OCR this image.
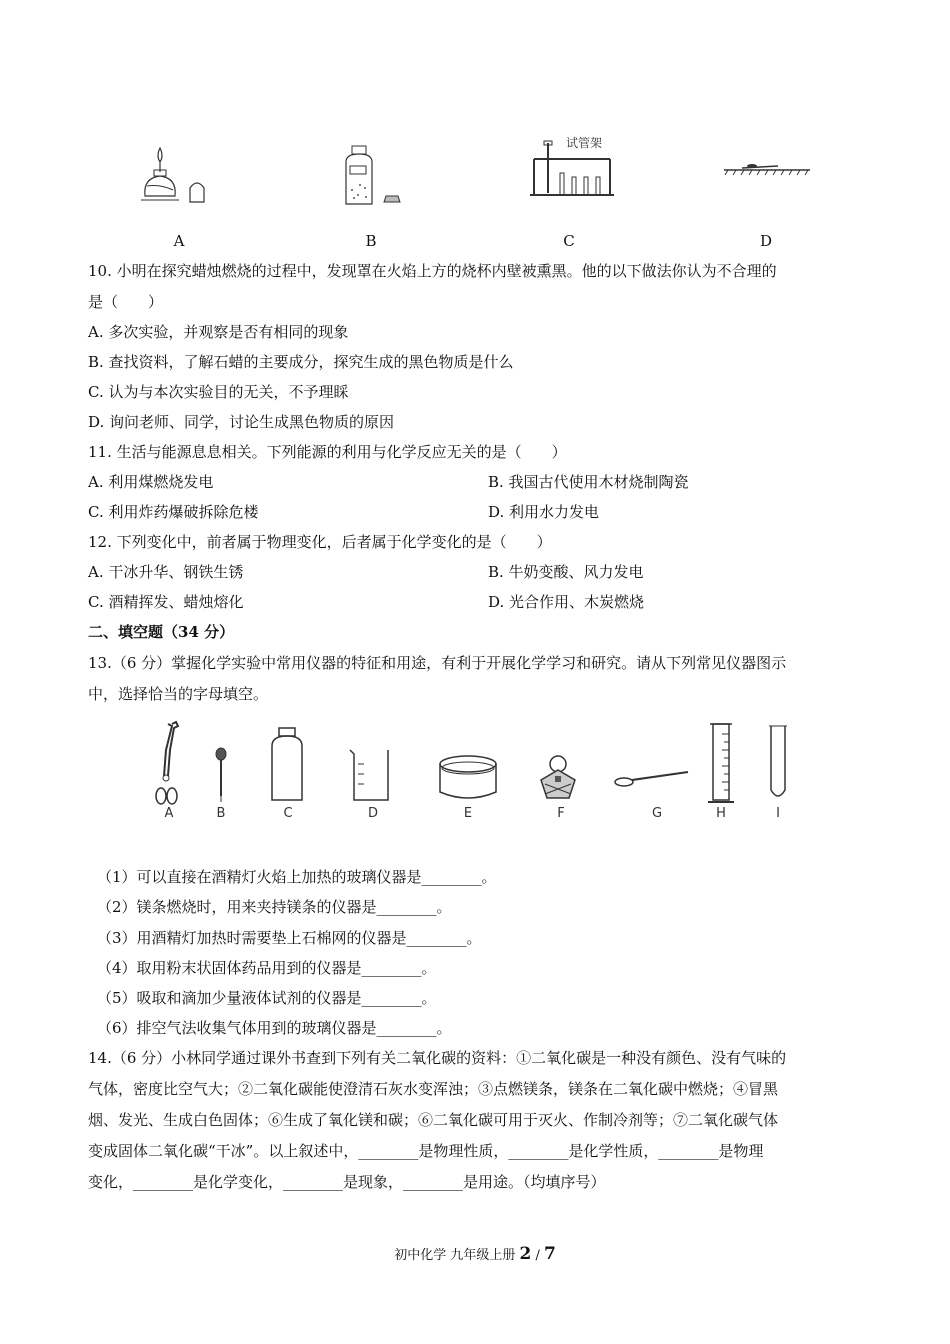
试管架
A	B	C	D
10. 小明在探究蜡烛燃烧的过程中，发现罩在火焰上方的烧杯内壁被熏黑。他的以下做法你认为不合理的
是（　　）
A. 多次实验，并观察是否有相同的现象
B. 查找资料，了解石蜡的主要成分，探究生成的黑色物质是什么
C. 认为与本次实验目的无关，不予理睬
D. 询问老师、同学，讨论生成黑色物质的原因
11. 生活与能源息息相关。下列能源的利用与化学反应无关的是（　　）
A. 利用煤燃烧发电	B. 我国古代使用木材烧制陶瓷
C. 利用炸药爆破拆除危楼	D. 利用水力发电
12. 下列变化中，前者属于物理变化，后者属于化学变化的是（　　）
A. 干冰升华、钢铁生锈	B. 牛奶变酸、风力发电
C. 酒精挥发、蜡烛熔化	D. 光合作用、木炭燃烧
二、填空题（34 分）
13.（6 分）掌握化学实验中常用仪器的特征和用途，有利于开展化学学习和研究。请从下列常见仪器图示
中，选择恰当的字母填空。
A	B	C	D	E	F	G	H	I
（1）可以直接在酒精灯火焰上加热的玻璃仪器是________。
（2）镁条燃烧时，用来夹持镁条的仪器是________。
（3）用酒精灯加热时需要垫上石棉网的仪器是________。
（4）取用粉末状固体药品用到的仪器是________。
（5）吸取和滴加少量液体试剂的仪器是________。
（6）排空气法收集气体用到的玻璃仪器是________。
14.（6 分）小林同学通过课外书查到下列有关二氧化碳的资料：①二氧化碳是一种没有颜色、没有气味的
气体，密度比空气大；②二氧化碳能使澄清石灰水变浑浊；③点燃镁条，镁条在二氧化碳中燃烧；④冒黑
烟、发光、生成白色固体；⑥生成了氧化镁和碳；⑥二氧化碳可用于灭火、作制冷剂等；⑦二氧化碳气体
变成固体二氧化碳“干冰”。以上叙述中，________是物理性质，________是化学性质，________是物理
变化，________是化学变化，________是现象，________是用途。（均填序号）
初中化学 九年级上册 2 / 7
